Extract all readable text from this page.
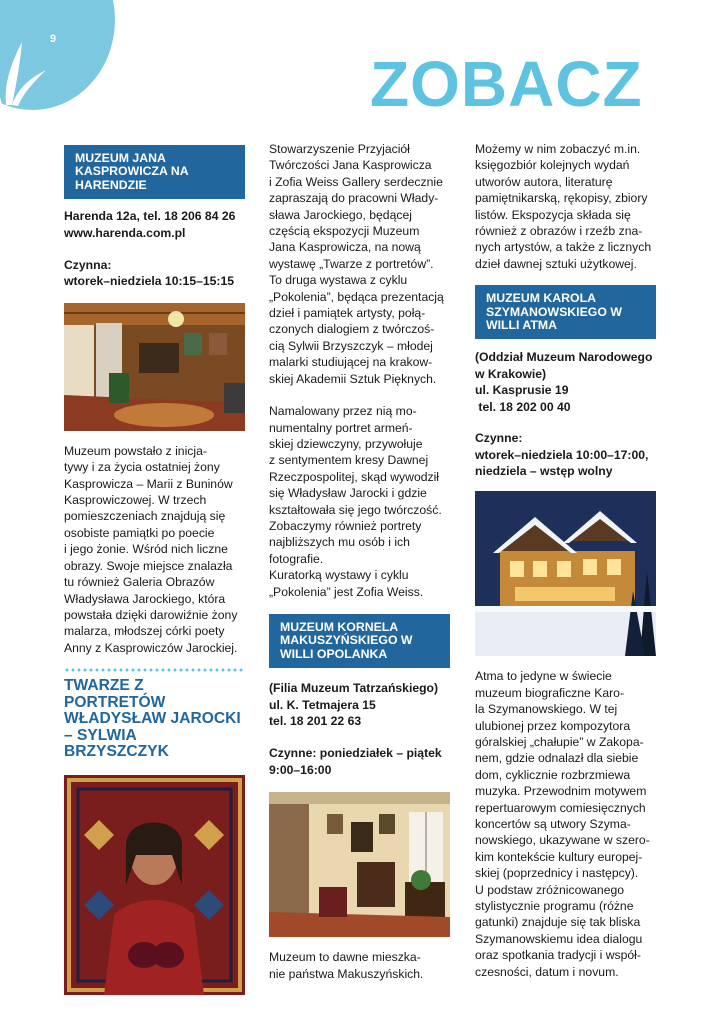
9
ZOBACZ
MUZEUM JANA KASPROWICZA NA HARENDZIE

Harenda 12a, tel. 18 206 84 26

www.harenda.com.pl

Czynna:

wtorek–niedziela 10:15–15:15

Muzeum powstało z inicja-

tywy i za życia ostatniej żony

Kasprowicza – Marii z Buninów

Kasprowiczowej. W trzech

pomieszczeniach znajdują się

osobiste pamiątki po poecie

i jego żonie. Wśród nich liczne

obrazy. Swoje miejsce znalazła

tu również Galeria Obrazów

Władysława Jarockiego, która

powstała dzięki darowiźnie żony

malarza, młodszej córki poety

Anny z Kasprowiczów Jarockiej.

TWARZE Z PORTRETÓW

WŁADYSŁAW JAROCKI

– SYLWIA BRZYSZCZYK

Stowarzyszenie Przyjaciół

Twórczości Jana Kasprowicza

i Zofia Weiss Gallery serdecznie

zapraszają do pracowni Włady-

sława Jarockiego, będącej

częścią ekspozycji Muzeum

Jana Kasprowicza, na nową

wystawę „Twarze z portretów”.

To druga wystawa z cyklu

„Pokolenia”, będąca prezentacją

dzieł i pamiątek artysty, połą-

czonych dialogiem z twórczoś-

cią Sylwii Brzyszczyk – młodej

malarki studiującej na krakow-

skiej Akademii Sztuk Pięknych.

Namalowany przez nią mo-

numentalny portret armeń-

skiej dziewczyny, przywołuje

z sentymentem kresy Dawnej

Rzeczpospolitej, skąd wywodził

się Władysław Jarocki i gdzie

kształtowała się jego twórczość.

Zobaczymy również portrety

najbliższych mu osób i ich

fotografie.

Kuratorką wystawy i cyklu

„Pokolenia” jest Zofia Weiss.

MUZEUM KORNELA MAKUSZYŃSKIEGO W WILLI OPOLANKA

(Filia Muzeum Tatrzańskiego)

ul. K. Tetmajera 15

tel. 18 201 22 63

Czynne: poniedziałek – piątek

9:00–16:00

Muzeum to dawne mieszka-

nie państwa Makuszyńskich.

Możemy w nim zobaczyć m.in.

księgozbiór kolejnych wydań

utworów autora, literaturę

pamiętnikarską, rękopisy, zbiory

listów. Ekspozycja składa się

również z obrazów i rzeźb zna-

nych artystów, a także z licznych

dzieł dawnej sztuki użytkowej.

MUZEUM KAROLA SZYMANOWSKIEGO W WILLI ATMA

(Oddział Muzeum Narodowego

w Krakowie)

ul. Kasprusie 19

tel. 18 202 00 40

Czynne:

wtorek–niedziela 10:00–17:00,

niedziela – wstęp wolny

Atma to jedyne w świecie

muzeum biograficzne Karo-

la Szymanowskiego. W tej

ulubionej przez kompozytora

góralskiej „chałupie” w Zakopa-

nem, gdzie odnalazł dla siebie

dom, cyklicznie rozbrzmiewa

muzyka. Przewodnim motywem

repertuarowym comiesięcznych

koncertów są utwory Szyma-

nowskiego, ukazywane w szero-

kim kontekście kultury europej-

skiej (poprzednicy i następcy).

U podstaw zróżnicowanego

stylistycznie programu (różne

gatunki) znajduje się tak bliska

Szymanowskiemu idea dialogu

oraz spotkania tradycji i współ-

czesności, datum i novum.
